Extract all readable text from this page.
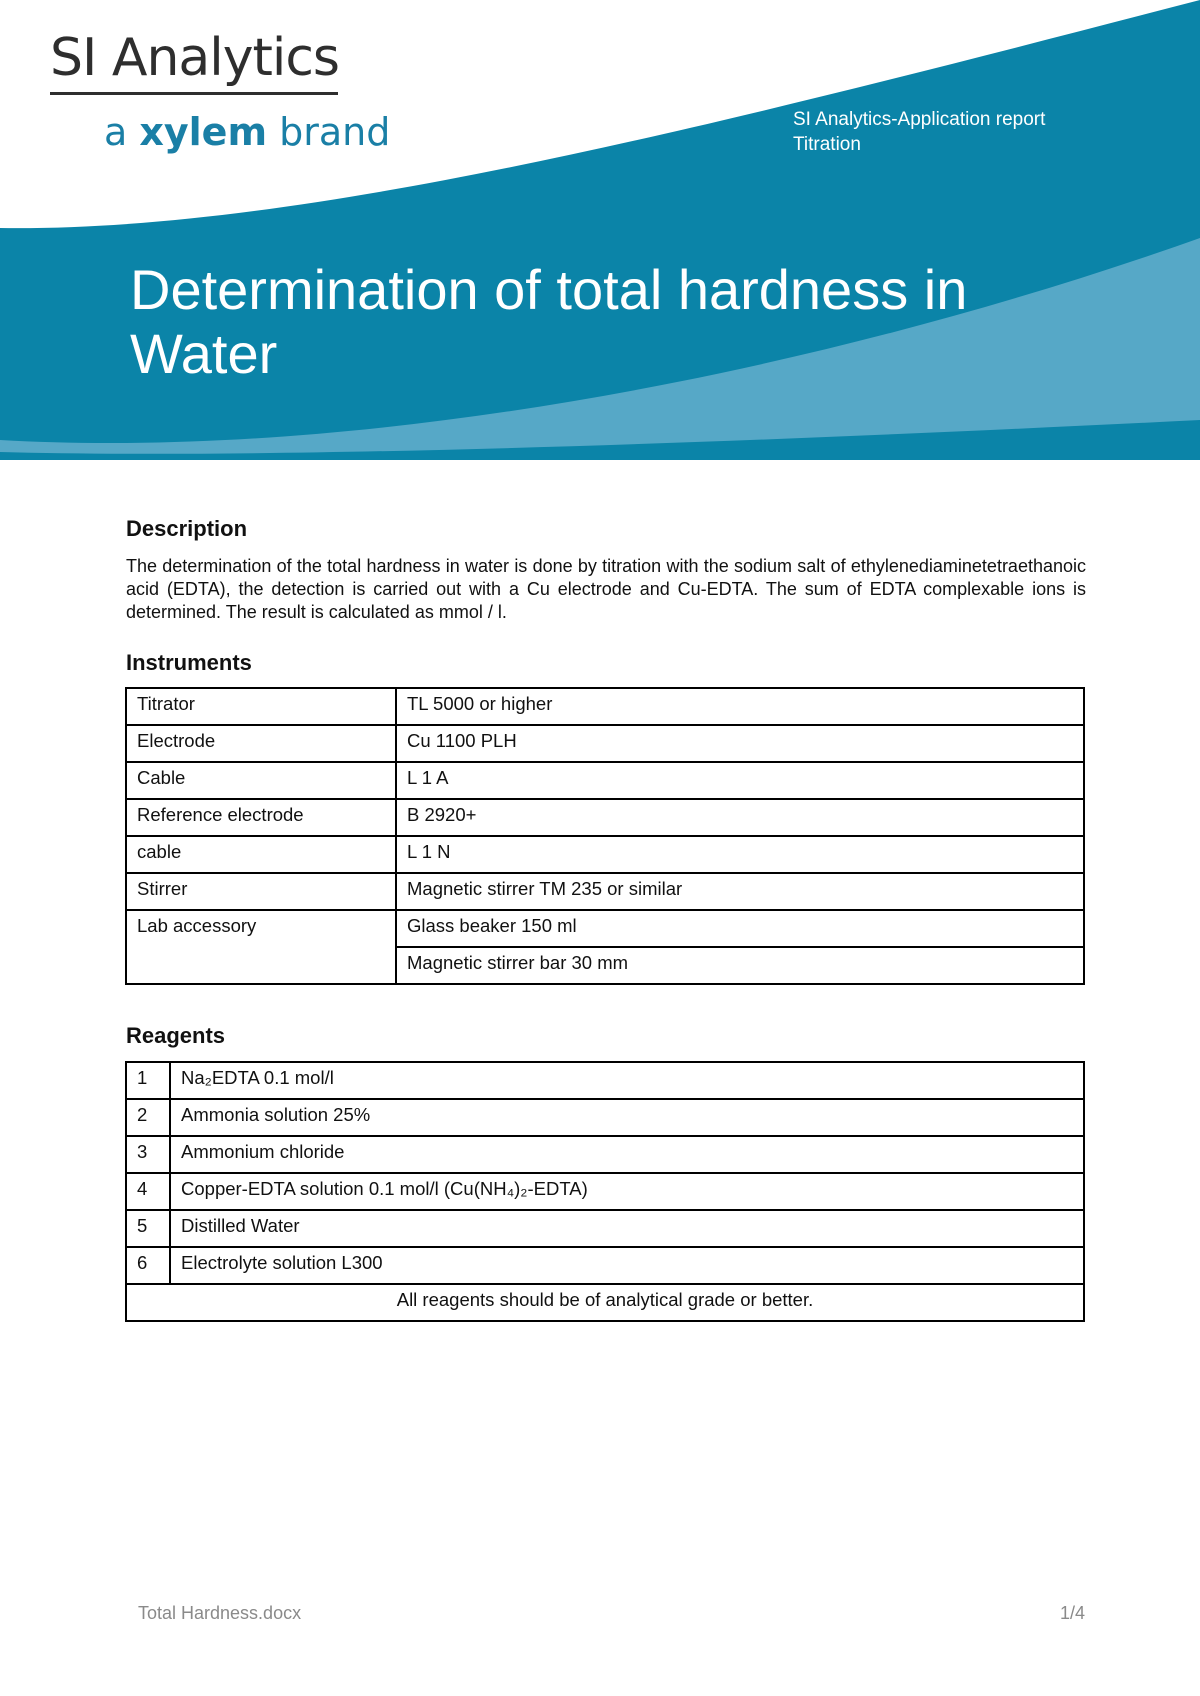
SI Analytics
a xylem brand	SI Analytics-Application report
Titration
Determination of total hardness in
Water
Description

The determination of the total hardness in water is done by titration with the sodium salt of ethylenediaminetetraethanoic acid (EDTA), the detection is carried out with a Cu electrode and Cu-EDTA. The sum of EDTA complexable ions is determined. The result is calculated as mmol / l.

Instruments
Titrator	TL 5000 or higher
Electrode	Cu 1100 PLH
Cable	L 1 A
Reference electrode	B 2920+
cable	L 1 N
Stirrer	Magnetic stirrer TM 235 or similar
Lab accessory	Glass beaker 150 ml
	Magnetic stirrer bar 30 mm
Reagents
1	Na₂EDTA 0.1 mol/l
2	Ammonia solution 25%
3	Ammonium chloride
4	Copper-EDTA solution 0.1 mol/l (Cu(NH₄)₂-EDTA)
5	Distilled Water
6	Electrolyte solution L300
All reagents should be of analytical grade or better.	
Total Hardness.docx	1/4
